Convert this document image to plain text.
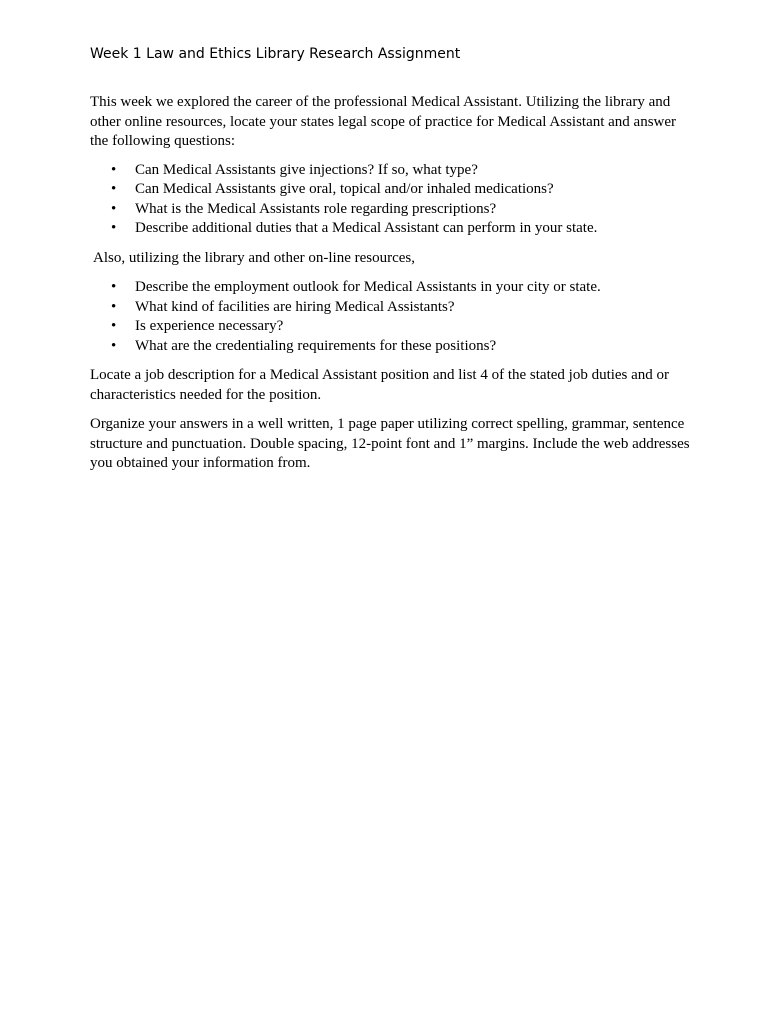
Week 1 Law and Ethics Library Research Assignment

This week we explored the career of the professional Medical Assistant. Utilizing the library and other online resources, locate your states legal scope of practice for Medical Assistant and answer the following questions:

• Can Medical Assistants give injections? If so, what type?
• Can Medical Assistants give oral, topical and/or inhaled medications?
• What is the Medical Assistants role regarding prescriptions?
• Describe additional duties that a Medical Assistant can perform in your state.

Also, utilizing the library and other on-line resources,

• Describe the employment outlook for Medical Assistants in your city or state.
• What kind of facilities are hiring Medical Assistants?
• Is experience necessary?
• What are the credentialing requirements for these positions?

Locate a job description for a Medical Assistant position and list 4 of the stated job duties and or characteristics needed for the position.

Organize your answers in a well written, 1 page paper utilizing correct spelling, grammar, sentence structure and punctuation. Double spacing, 12-point font and 1” margins. Include the web addresses you obtained your information from.
